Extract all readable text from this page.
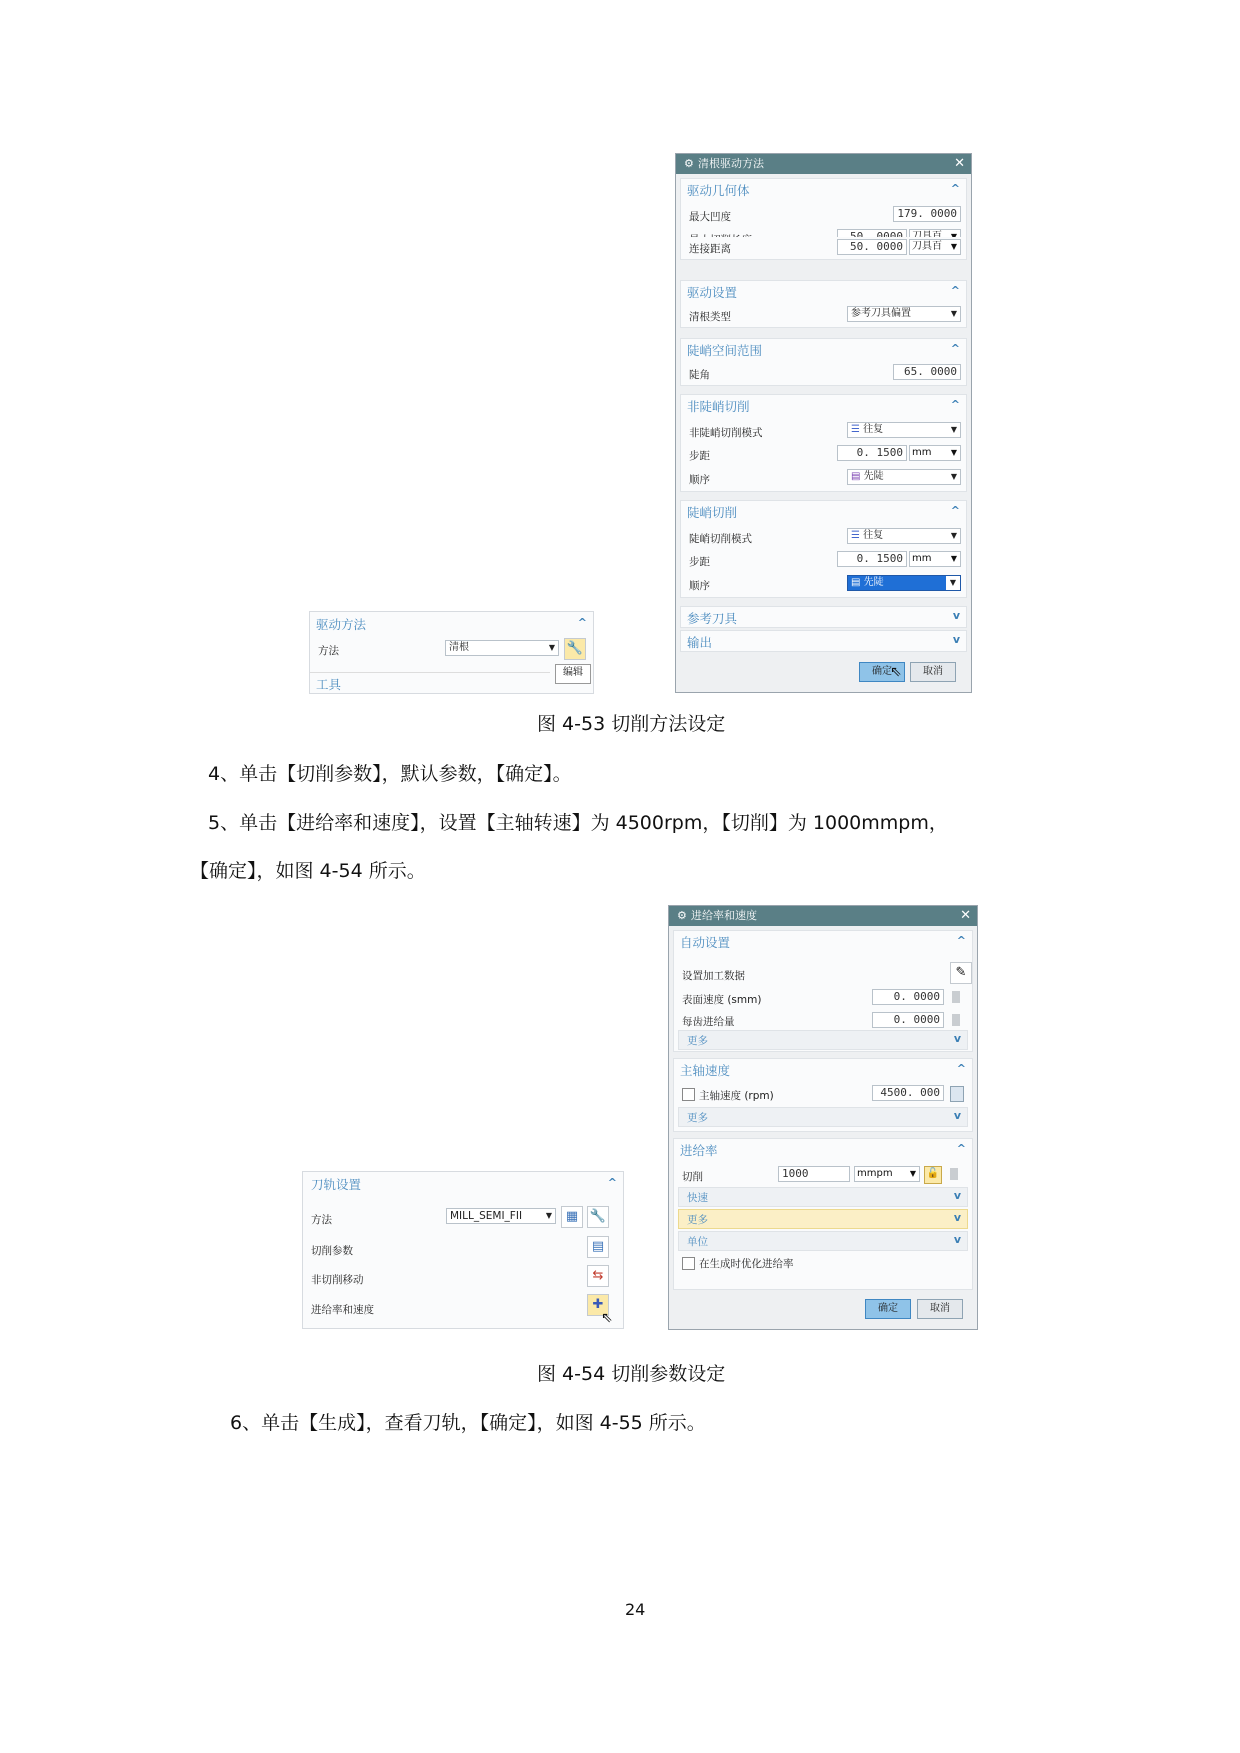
⚙ 清根驱动方法	✕
驱动几何体	^
最大凹度	179. 0000
连接距离	50. 0000 刀具百 ▼
驱动设置	^
清根类型	参考刀具偏置	▼
陡峭空间范围	^
陡角	65. 0000
非陡峭切削	^
非陡峭切削模式	☰ 往复	▼
步距	0. 1500 mm ▼
顺序	▤ 先陡	▼
陡峭切削	^
陡峭切削模式	☰ 往复	▼
步距	0. 1500 mm ▼
顺序	▤ 先陡	▼
参考刀具	v
输出	v
确定
⇖	取消
驱动方法	^
方法	清根	▼ 🔧
编辑
工具
图 4-53 切削方法设定
4、单击【切削参数】，默认参数，【确定】。
5、单击【进给率和速度】，设置【主轴转速】为 4500rpm，【切削】为 1000mmpm，
【确定】，如图 4-54 所示。
⚙ 进给率和速度	✕
自动设置	^
设置加工数据	✎
表面速度 (smm)	0. 0000
每齿进给量	0. 0000
更多	v
主轴速度	^
主轴速度 (rpm)	4500. 000
更多	v
进给率	^
切削	1000	mmpm ▼ 🔓
快速	v
更多	v
单位	v
在生成时优化进给率
确定	取消
刀轨设置	^
方法	MILL_SEMI_FII	▼	▦ 🔧
切削参数	▤
非切削移动	⇆
进给率和速度	✚
⇖
图 4-54 切削参数设定
6、单击【生成】，查看刀轨，【确定】，如图 4-55 所示。
24
